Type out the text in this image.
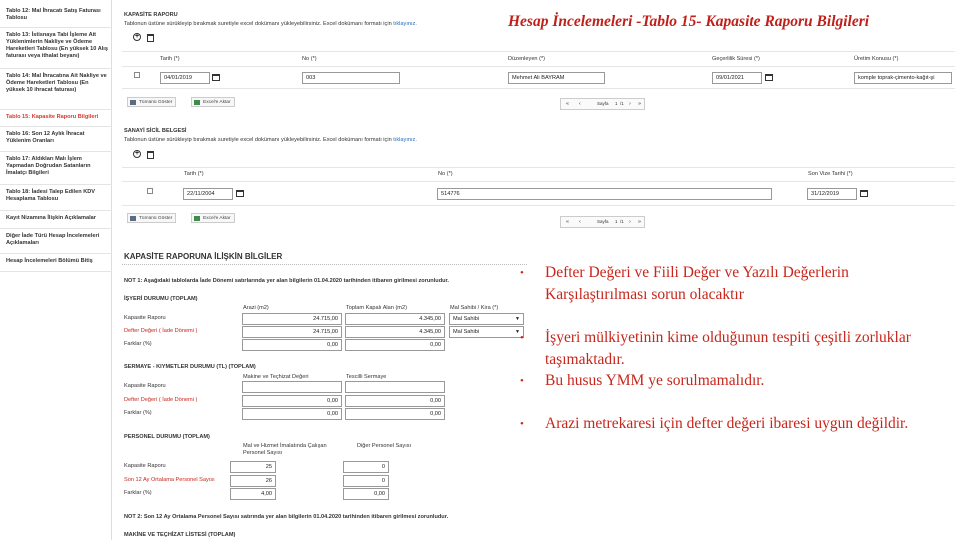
Tablo 12: Mal İhracatı Satış Faturası Tablosu
Tablo 13: İstisnaya Tabi İşleme Ait Yüklenimlerin Nakliye ve Ödeme Hareketleri Tablosu (En yüksek 10 Alış faturası veya ithalat beyanı)
Tablo 14: Mal İhracatına Ait Nakliye ve Ödeme Hareketleri Tablosu (En yüksek 10 ihracat faturası)
Tablo 15: Kapasite Raporu Bilgileri
Tablo 16: Son 12 Aylık İhracat Yüklenim Oranları
Tablo 17: Aldıkları Malı İşlem Yapmadan Doğrudan Satanların İmalatçı Bilgileri
Tablo 18: İadesi Talep Edilen KDV Hesaplama Tablosu
Kayıt Nizamına İlişkin Açıklamalar
Diğer İade Türü Hesap İncelemeleri Açıklamaları
Hesap İncelemeleri Bölümü Bitiş
Hesap İncelemeleri -Tablo 15- Kapasite Raporu Bilgileri
KAPASİTE RAPORU
Tablonun üstüne sürükleyip bırakmak suretiyle excel dokümanı yükleyebilirsiniz. Excel dokümanı formatı için tıklayınız.
+
Tarih (*)	No (*)	Düzenleyen (*)	Geçerlilik Süresi (*)	Üretim Konusu (*)
04/01/2019	003	Mehmet Ali BAYRAM	09/01/2021	komple toprak-çimento-kağıt-şi
Tümünü Göster	Excel'e Aktar	« ‹	Sayfa 1 /1 › »
SANAYİ SİCİL BELGESİ
Tablonun üstüne sürükleyip bırakmak suretiyle excel dokümanı yükleyebilirsiniz. Excel dokümanı formatı için tıklayınız.
+
Tarih (*)	No (*)	Son Vize Tarihi (*)
22/11/2004	514776	31/12/2019
Tümünü Göster	Excel'e Aktar
« ‹	Sayfa 1 /1 › »
KAPASİTE RAPORUNA İLİŞKİN BİLGİLER
NOT 1: Aşağıdaki tablolarda İade Dönemi satırlarında yer alan bilgilerin 01.04.2020 tarihinden itibaren girilmesi zorunludur.
İŞYERİ DURUMU (TOPLAM)
Arazi (m2)	Toplam Kapalı Alan (m2)	Mal Sahibi / Kira (*)
Kapasite Raporu	24.715,00	4.345,00	Mal Sahibi	▼
Defter Değeri ( İade Dönemi )	24.715,00	4.345,00	Mal Sahibi	▼
Farklar (%)	0,00	0,00
SERMAYE - KIYMETLER DURUMU (TL) (TOPLAM)
Makine ve Teçhizat Değeri	Tescilli Sermaye
Kapasite Raporu
Defter Değeri ( İade Dönemi )	0,00	0,00
Farklar (%)	0,00	0,00
PERSONEL DURUMU (TOPLAM)
Mal ve Hizmet İmalatında Çalışan Personel Sayısı
Diğer Personel Sayısı
Kapasite Raporu	25	0
Son 12 Ay Ortalama Personel Sayısı	26	0
Farklar (%)	4,00	0,00
NOT 2: Son 12 Ay Ortalama Personel Sayısı satırında yer alan bilgilerin 01.04.2020 tarihinden itibaren girilmesi zorunludur.
MAKİNE VE TEÇHİZAT LİSTESİ (TOPLAM)
• Defter Değeri ve Fiili Değer ve Yazılı Değerlerin Karşılaştırılması sorun olacaktır
• İşyeri mülkiyetinin kime olduğunun tespiti çeşitli zorluklar taşımaktadır.
• Bu husus YMM ye sorulmamalıdır.
• Arazi metrekaresi için defter değeri ibaresi uygun değildir.
